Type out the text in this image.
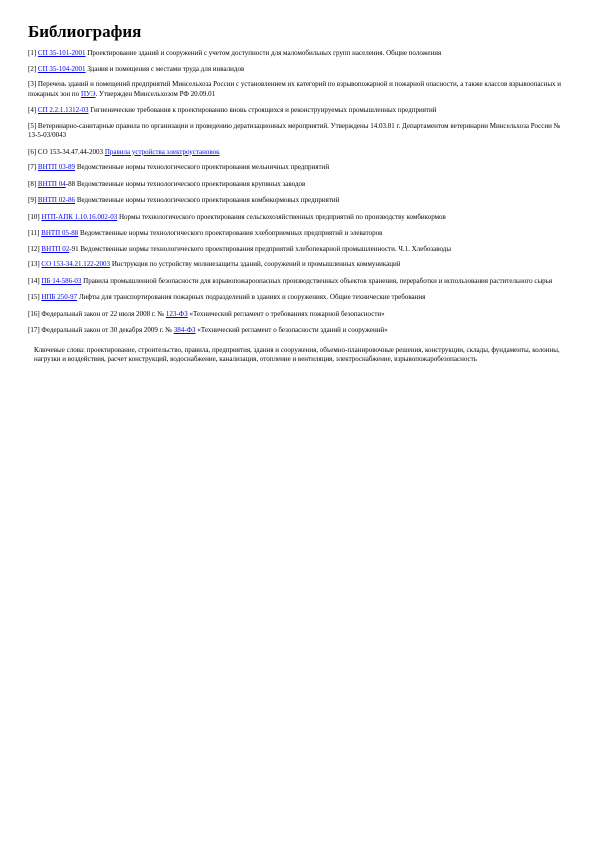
Библиография

[1] СП 35-101-2001 Проектирование зданий и сооружений с учетом доступности для маломобильных групп населения. Общие положения

[2] СП 35-104-2001 Здания и помещения с местами труда для инвалидов

[3] Перечень зданий и помещений предприятий Минсельхоза России с установлением их категорий по взрывопожарной и пожарной опасности, а также классов взрывоопасных и пожарных зон по ПУЭ. Утвержден Минсельхозом РФ 20.09.01

[4] СП 2.2.1.1312-03 Гигиенические требования к проектированию вновь строящихся и реконструируемых промышленных предприятий

[5] Ветеринарно-санитарные правила по организации и проведению дератизационных мероприятий. Утверждены 14.03.01 г. Департаментом ветеринарии Минсельхоза России № 13-5-03/0043

[6] СО 153-34.47.44-2003 Правила устройства электроустановок

[7] ВНТП 03-89 Ведомственные нормы технологического проектирования мельничных предприятий

[8] ВНТП 04-88 Ведомственные нормы технологического проектирования крупяных заводов

[9] ВНТП 02-86 Ведомственные нормы технологического проектирования комбикормовых предприятий

[10] НТП-АПК 1.10.16.002-03 Нормы технологического проектирования сельскохозяйственных предприятий по производству комбикормов

[11] ВНТП 05-88 Ведомственные нормы технологического проектирования хлебоприемных предприятий и элеваторов

[12] ВНТП 02-91 Ведомственные нормы технологического проектирования предприятий хлебопекарной промышленности. Ч.1. Хлебозаводы

[13] СО 153-34.21.122-2003 Инструкция по устройству молниезащиты зданий, сооружений и промышленных коммуникаций

[14] ПБ 14-586-03 Правила промышленной безопасности для взрывопожароопасных производственных объектов хранения, переработки и использования растительного сырья

[15] НПБ 250-97 Лифты для транспортирования пожарных подразделений в зданиях и сооружениях. Общие технические требования

[16] Федеральный закон от 22 июля 2008 г. № 123-ФЗ «Технический регламент о требованиях пожарной безопасности»

[17] Федеральный закон от 30 декабря 2009 г. № 384-ФЗ «Технический регламент о безопасности зданий и сооружений»

Ключевые слова: проектирование, строительство, правила, предприятия, здания и сооружения, объемно-планировочные решения, конструкции, склады, фундаменты, колонны, нагрузки и воздействия, расчет конструкций, водоснабжение, канализация, отопление и вентиляция, электроснабжение, взрывопожаробезопасность
